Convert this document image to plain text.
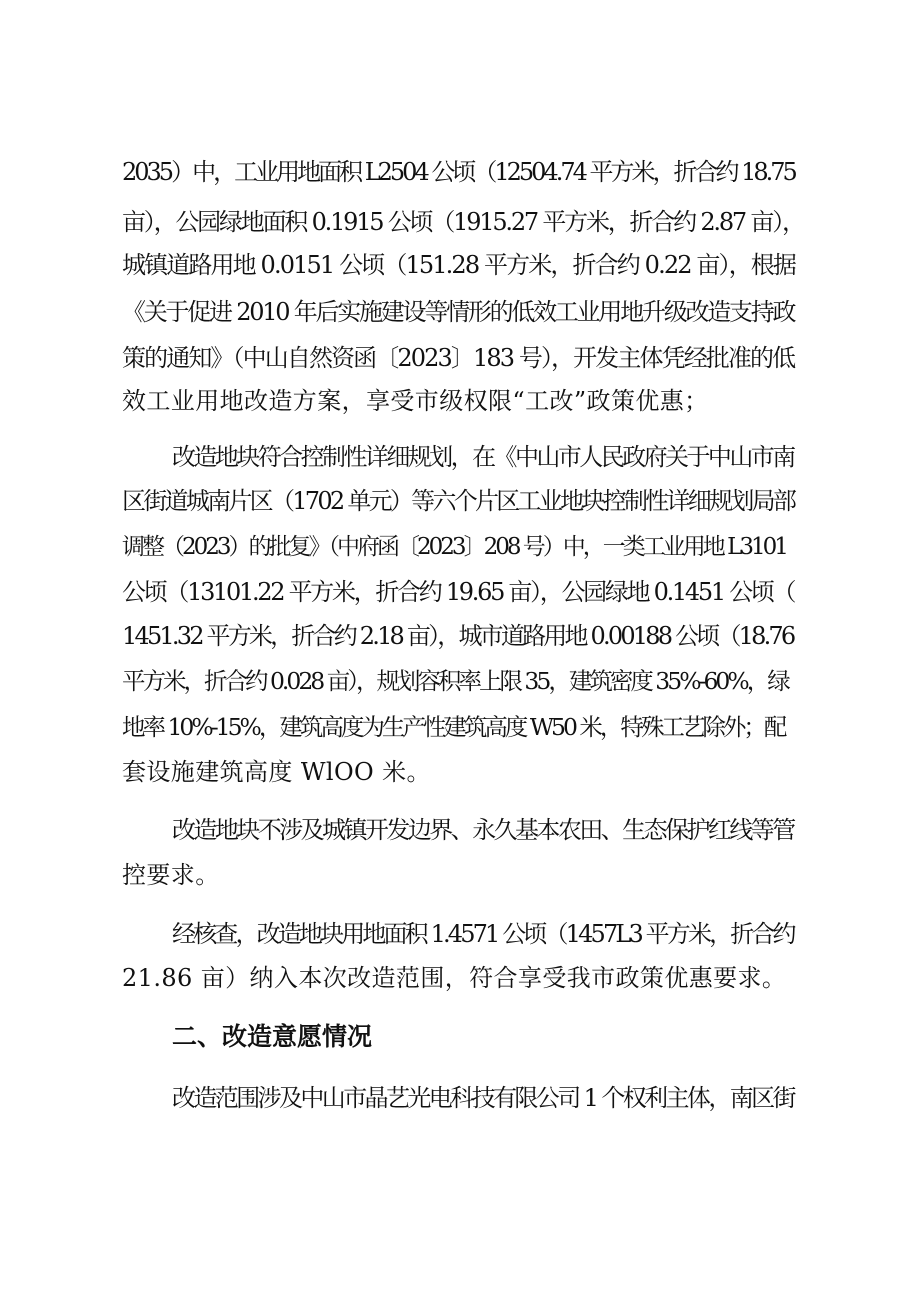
2035）中，工业用地面积 L2504 公顷（12504.74 平方米，折合约 18.75
亩），公园绿地面积 0.1915 公顷（1915.27 平方米，折合约 2.87 亩），
城镇道路用地 0.0151 公顷（151.28 平方米，折合约 0.22 亩），根据
《关于促进 2010 年后实施建设等情形的低效工业用地升级改造支持政
策的通知》（中山自然资函〔2023〕183 号），开发主体凭经批准的低
效工业用地改造方案，享受市级权限“工改”政策优惠；
改造地块符合控制性详细规划，在《中山市人民政府关于中山市南
区街道城南片区（1702 单元）等六个片区工业地块控制性详细规划局部
调整（2023）的批复》（中府函〔2023〕208 号）中，一类工业用地 L3101
公顷（13101.22 平方米，折合约 19.65 亩），公园绿地 0.1451 公顷（
1451.32 平方米，折合约 2.18 亩），城市道路用地 0.00188 公顷（18.76
平方米，折合约 0.028 亩），规划容积率上限 35，建筑密度 35%-60%，绿
地率 10%-15%，建筑高度为生产性建筑高度 W50 米，特殊工艺除外；配
套设施建筑高度 WlOO 米。
改造地块不涉及城镇开发边界、永久基本农田、生态保护红线等管
控要求。
经核查，改造地块用地面积 1.4571 公顷（1457L3 平方米，折合约
21.86 亩）纳入本次改造范围，符合享受我市政策优惠要求。
二、改造意愿情况
改造范围涉及中山市晶艺光电科技有限公司 1 个权利主体，南区街
